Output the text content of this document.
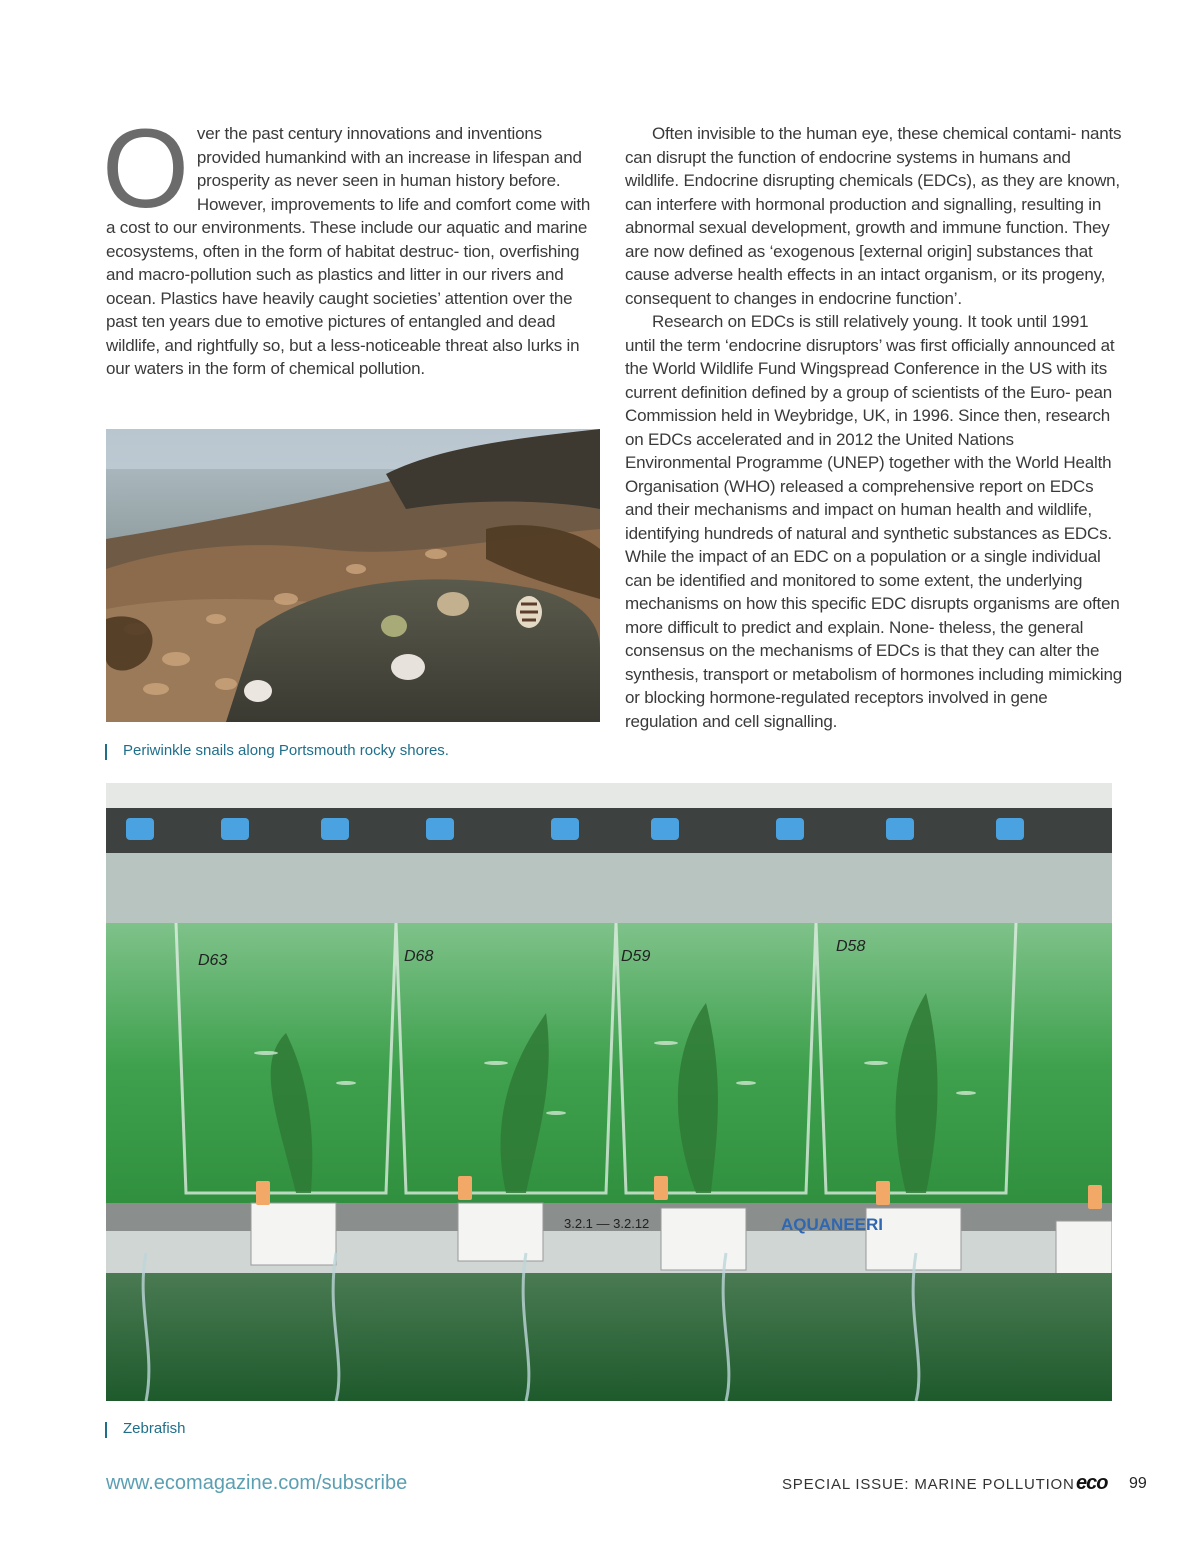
Over the past century innovations and inventions provided humankind with an increase in lifespan and prosperity as never seen in human history before. However, improvements to life and comfort come with a cost to our environments. These include our aquatic and marine ecosystems, often in the form of habitat destruc- tion, overfishing and macro-pollution such as plastics and litter in our rivers and ocean. Plastics have heavily caught societies’ attention over the past ten years due to emotive pictures of entangled and dead wildlife, and rightfully so, but a less-noticeable threat also lurks in our waters in the form of chemical pollution.

Often invisible to the human eye, these chemical contami- nants can disrupt the function of endocrine systems in humans and wildlife. Endocrine disrupting chemicals (EDCs), as they are known, can interfere with hormonal production and signalling, resulting in abnormal sexual development, growth and immune function. They are now defined as ‘exogenous [external origin] substances that cause adverse health effects in an intact organism, or its progeny, consequent to changes in endocrine function’.

Research on EDCs is still relatively young. It took until 1991 until the term ‘endocrine disruptors’ was first officially announced at the World Wildlife Fund Wingspread Conference in the US with its current definition defined by a group of scientists of the Euro- pean Commission held in Weybridge, UK, in 1996. Since then, research on EDCs accelerated and in 2012 the United Nations Environmental Programme (UNEP) together with the World Health Organisation (WHO) released a comprehensive report on EDCs and their mechanisms and impact on human health and wildlife, identifying hundreds of natural and synthetic substances as EDCs. While the impact of an EDC on a population or a single individual can be identified and monitored to some extent, the underlying mechanisms on how this specific EDC disrupts organisms are often more difficult to predict and explain. None- theless, the general consensus on the mechanisms of EDCs is that they can alter the synthesis, transport or metabolism of hormones including mimicking or blocking hormone-regulated receptors involved in gene regulation and cell signalling.

Periwinkle snails along Portsmouth rocky shores.
D63	D68	D59
D58
3.2.1 — 3.2.12	AQUANEERI
Zebrafish
www.ecomagazine.com/subscribe	SPECIAL ISSUE: MARINE POLLUTION eco 99
